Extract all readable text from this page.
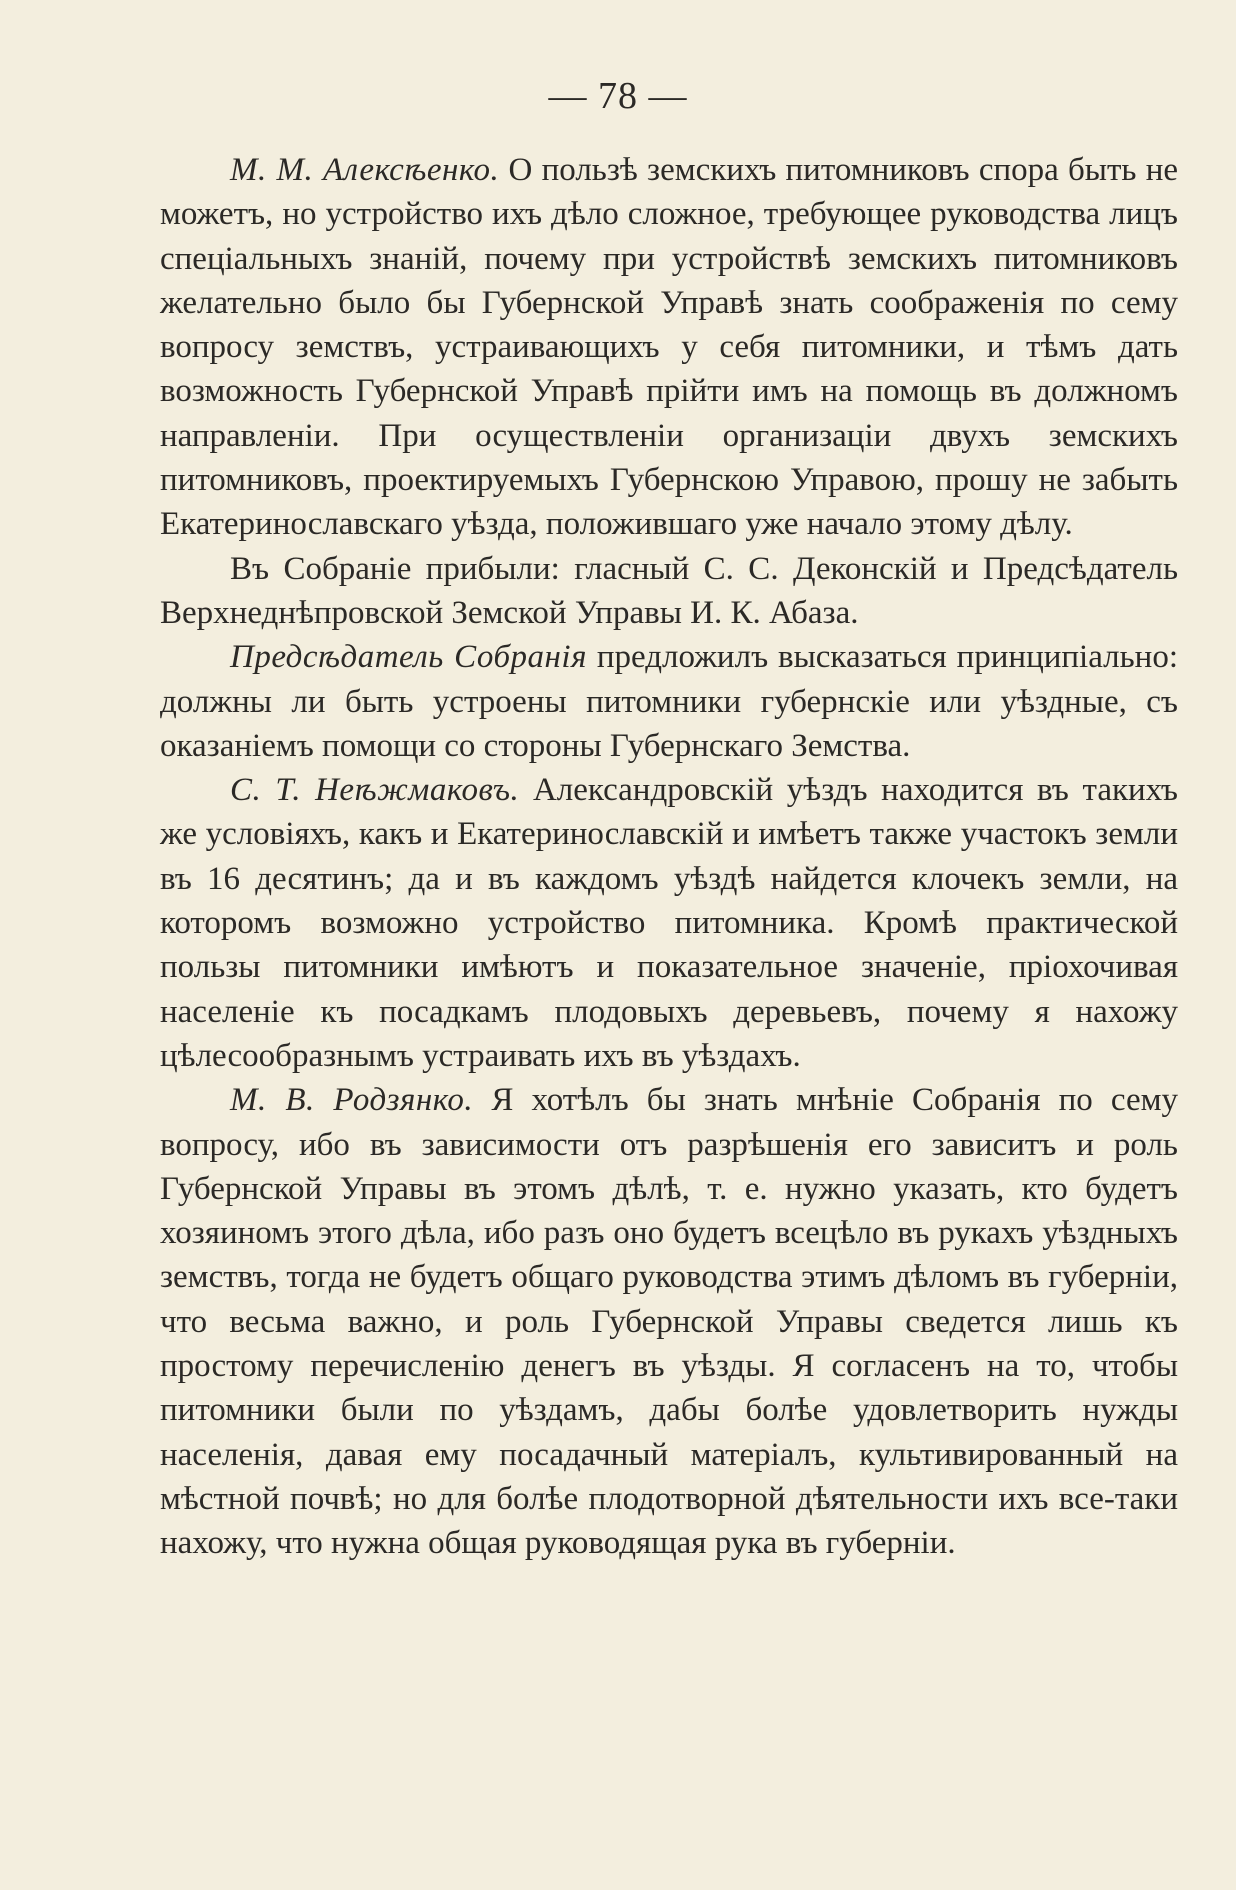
— 78 —

М. М. Алексѣенко. О пользѣ земскихъ питомниковъ спора быть не можетъ, но устройство ихъ дѣло сложное, требующее руководства лицъ спеціальныхъ знаній, почему при устройствѣ земскихъ питомниковъ желательно было бы Губернской Управѣ знать соображенія по сему вопросу земствъ, устраивающихъ у себя питомники, и тѣмъ дать возможность Губернской Управѣ прійти имъ на помощь въ должномъ направленіи. При осуществленіи организаціи двухъ земскихъ питомниковъ, проектируемыхъ Губернскою Управою, прошу не забыть Екатеринославскаго уѣзда, положившаго уже начало этому дѣлу.

Въ Собраніе прибыли: гласный С. С. Деконскій и Предсѣдатель Верхнеднѣпровской Земской Управы И. К. Абаза.

Предсѣдатель Собранія предложилъ высказаться принципіально: должны ли быть устроены питомники губернскіе или уѣздные, съ оказаніемъ помощи со стороны Губернскаго Земства.

С. Т. Неѣжмаковъ. Александровскій уѣздъ находится въ такихъ же условіяхъ, какъ и Екатеринославскій и имѣетъ также участокъ земли въ 16 десятинъ; да и въ каждомъ уѣздѣ найдется клочекъ земли, на которомъ возможно устройство питомника. Кромѣ практической пользы питомники имѣютъ и показательное значеніе, пріохочивая населеніе къ посадкамъ плодовыхъ деревьевъ, почему я нахожу цѣлесообразнымъ устраивать ихъ въ уѣздахъ.

М. В. Родзянко. Я хотѣлъ бы знать мнѣніе Собранія по сему вопросу, ибо въ зависимости отъ разрѣшенія его зависитъ и роль Губернской Управы въ этомъ дѣлѣ, т. е. нужно указать, кто будетъ хозяиномъ этого дѣла, ибо разъ оно будетъ всецѣло въ рукахъ уѣздныхъ земствъ, тогда не будетъ общаго руководства этимъ дѣломъ въ губерніи, что весьма важно, и роль Губернской Управы сведется лишь къ простому перечисленію денегъ въ уѣзды. Я согласенъ на то, чтобы питомники были по уѣздамъ, дабы болѣе удовлетворить нужды населенія, давая ему посадачный матеріалъ, культивированный на мѣстной почвѣ; но для болѣе плодотворной дѣятельности ихъ все-таки нахожу, что нужна общая руководящая рука въ губерніи.
